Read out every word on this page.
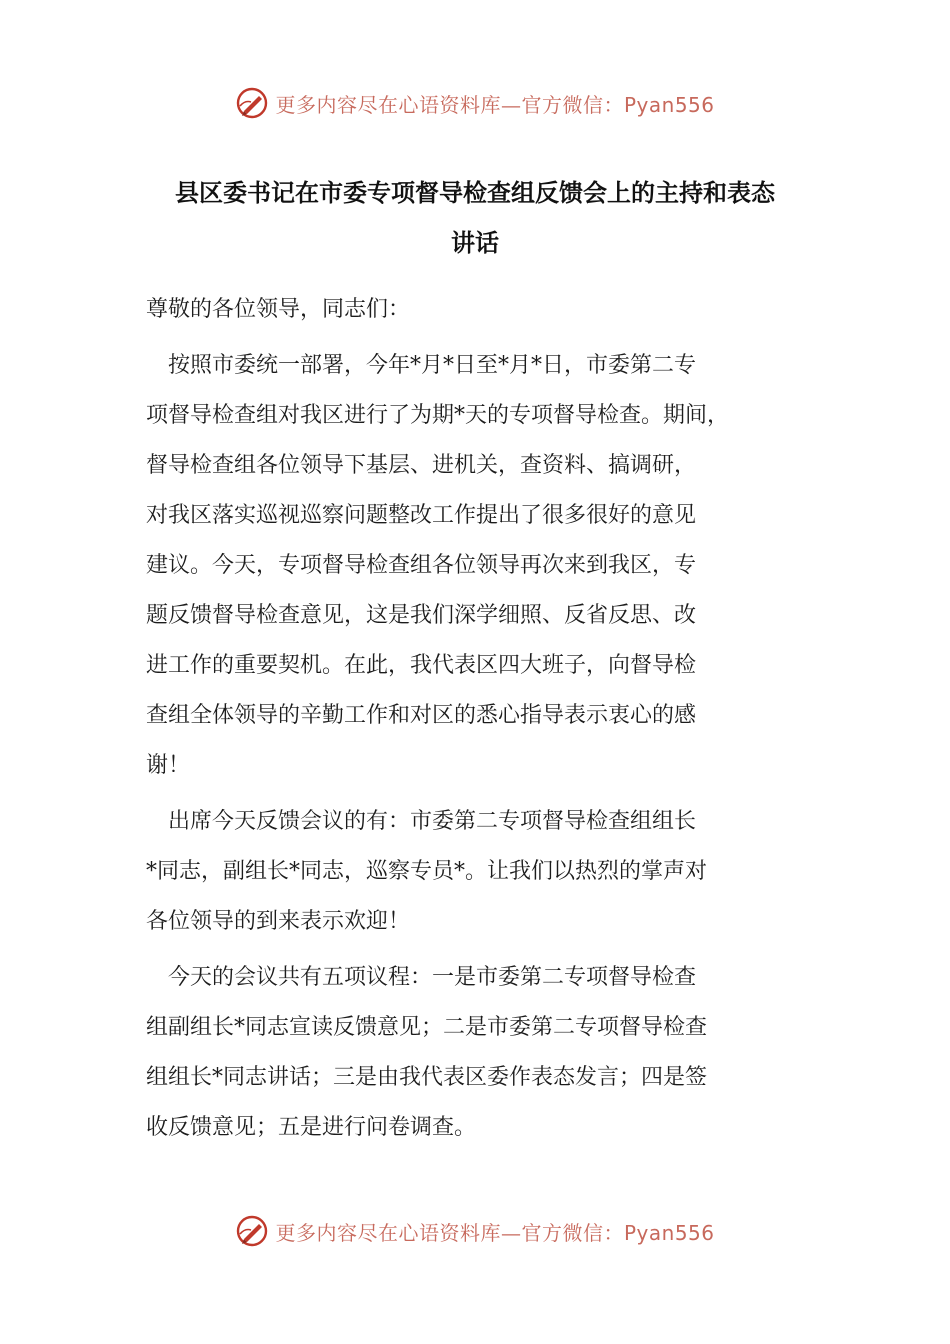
更多内容尽在心语资料库—官方微信：Pyan556
县区委书记在市委专项督导检查组反馈会上的主持和表态
讲话
尊敬的各位领导，同志们：
　按照市委统一部署，今年*月*日至*月*日，市委第二专
项督导检查组对我区进行了为期*天的专项督导检查。期间，
督导检查组各位领导下基层、进机关，查资料、搞调研，
对我区落实巡视巡察问题整改工作提出了很多很好的意见
建议。今天，专项督导检查组各位领导再次来到我区，专
题反馈督导检查意见，这是我们深学细照、反省反思、改
进工作的重要契机。在此，我代表区四大班子，向督导检
查组全体领导的辛勤工作和对区的悉心指导表示衷心的感
谢！
　出席今天反馈会议的有：市委第二专项督导检查组组长
*同志，副组长*同志，巡察专员*。让我们以热烈的掌声对
各位领导的到来表示欢迎！
　今天的会议共有五项议程：一是市委第二专项督导检查
组副组长*同志宣读反馈意见；二是市委第二专项督导检查
组组长*同志讲话；三是由我代表区委作表态发言；四是签
收反馈意见；五是进行问卷调查。
更多内容尽在心语资料库—官方微信：Pyan556
